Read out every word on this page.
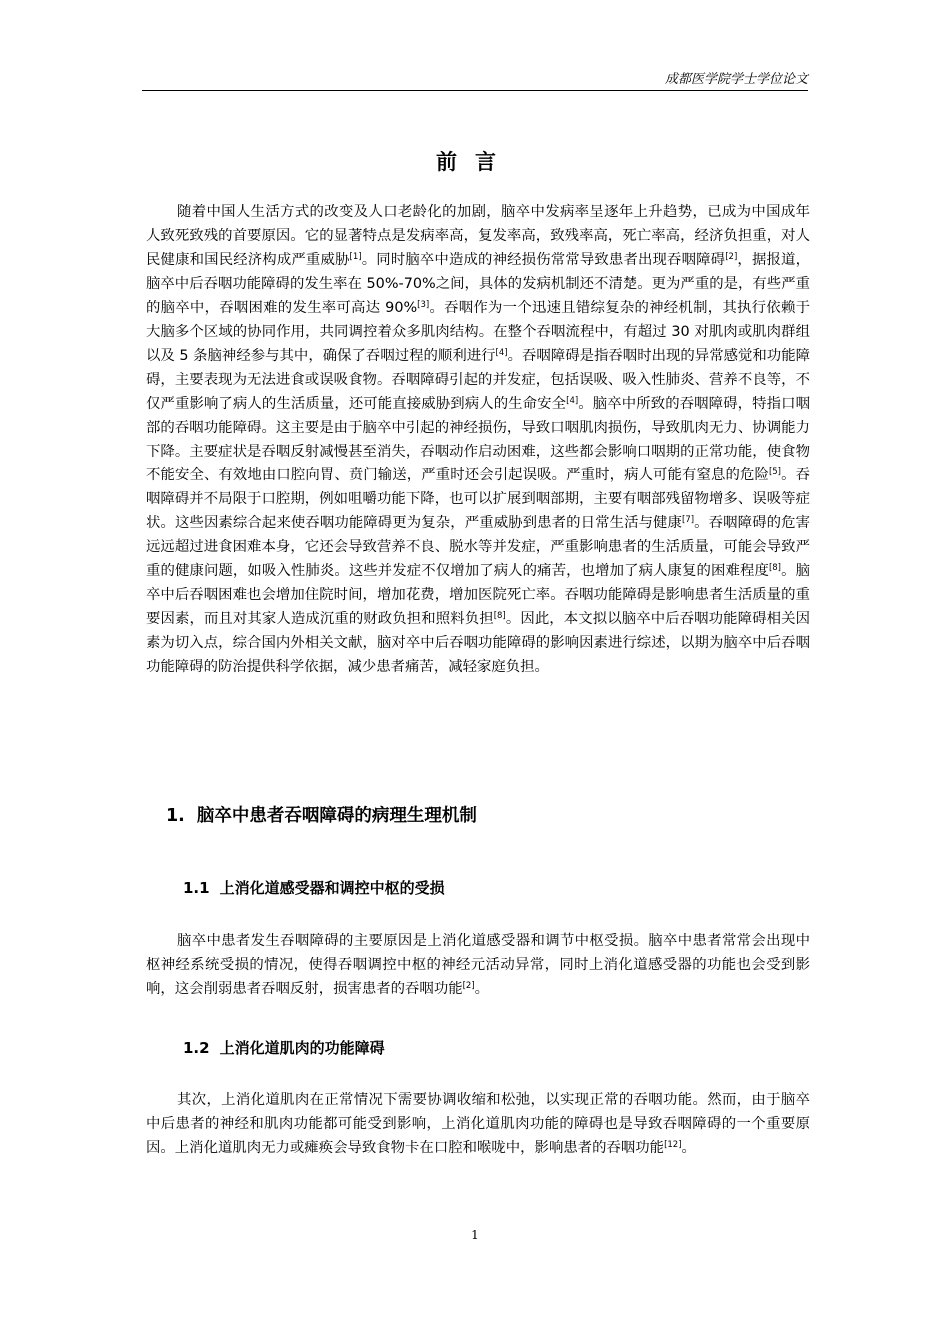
成都医学院学士学位论文
前言

随着中国人生活方式的改变及人口老龄化的加剧，脑卒中发病率呈逐年上升趋势，已成为中国成年人致死致残的首要原因。它的显著特点是发病率高，复发率高，致残率高，死亡率高，经济负担重，对人民健康和国民经济构成严重威胁[1]。同时脑卒中造成的神经损伤常常导致患者出现吞咽障碍[2]，据报道，脑卒中后吞咽功能障碍的发生率在 50%-70%之间，具体的发病机制还不清楚。更为严重的是，有些严重的脑卒中，吞咽困难的发生率可高达 90%[3]。吞咽作为一个迅速且错综复杂的神经机制，其执行依赖于大脑多个区域的协同作用，共同调控着众多肌肉结构。在整个吞咽流程中，有超过 30 对肌肉或肌肉群组以及 5 条脑神经参与其中，确保了吞咽过程的顺利进行[4]。吞咽障碍是指吞咽时出现的异常感觉和功能障碍，主要表现为无法进食或误吸食物。吞咽障碍引起的并发症，包括误吸、吸入性肺炎、营养不良等，不仅严重影响了病人的生活质量，还可能直接威胁到病人的生命安全[4]。脑卒中所致的吞咽障碍，特指口咽部的吞咽功能障碍。这主要是由于脑卒中引起的神经损伤，导致口咽肌肉损伤，导致肌肉无力、协调能力下降。主要症状是吞咽反射减慢甚至消失，吞咽动作启动困难，这些都会影响口咽期的正常功能，使食物不能安全、有效地由口腔向胃、贲门输送，严重时还会引起误吸。严重时，病人可能有窒息的危险[5]。吞咽障碍并不局限于口腔期，例如咀嚼功能下降，也可以扩展到咽部期，主要有咽部残留物增多、误吸等症状。这些因素综合起来使吞咽功能障碍更为复杂，严重威胁到患者的日常生活与健康[7]。吞咽障碍的危害远远超过进食困难本身，它还会导致营养不良、脱水等并发症，严重影响患者的生活质量，可能会导致严重的健康问题，如吸入性肺炎。这些并发症不仅增加了病人的痛苦，也增加了病人康复的困难程度[8]。脑卒中后吞咽困难也会增加住院时间，增加花费，增加医院死亡率。吞咽功能障碍是影响患者生活质量的重要因素，而且对其家人造成沉重的财政负担和照料负担[8]。因此，本文拟以脑卒中后吞咽功能障碍相关因素为切入点，综合国内外相关文献，脑对卒中后吞咽功能障碍的影响因素进行综述，以期为脑卒中后吞咽功能障碍的防治提供科学依据，减少患者痛苦，减轻家庭负担。

1. 脑卒中患者吞咽障碍的病理生理机制
1.1 上消化道感受器和调控中枢的受损

脑卒中患者发生吞咽障碍的主要原因是上消化道感受器和调节中枢受损。脑卒中患者常常会出现中枢神经系统受损的情况，使得吞咽调控中枢的神经元活动异常，同时上消化道感受器的功能也会受到影响，这会削弱患者吞咽反射，损害患者的吞咽功能[2]。

1.2 上消化道肌肉的功能障碍

其次，上消化道肌肉在正常情况下需要协调收缩和松弛，以实现正常的吞咽功能。然而，由于脑卒中后患者的神经和肌肉功能都可能受到影响，上消化道肌肉功能的障碍也是导致吞咽障碍的一个重要原因。上消化道肌肉无力或瘫痪会导致食物卡在口腔和喉咙中，影响患者的吞咽功能[12]。

1
